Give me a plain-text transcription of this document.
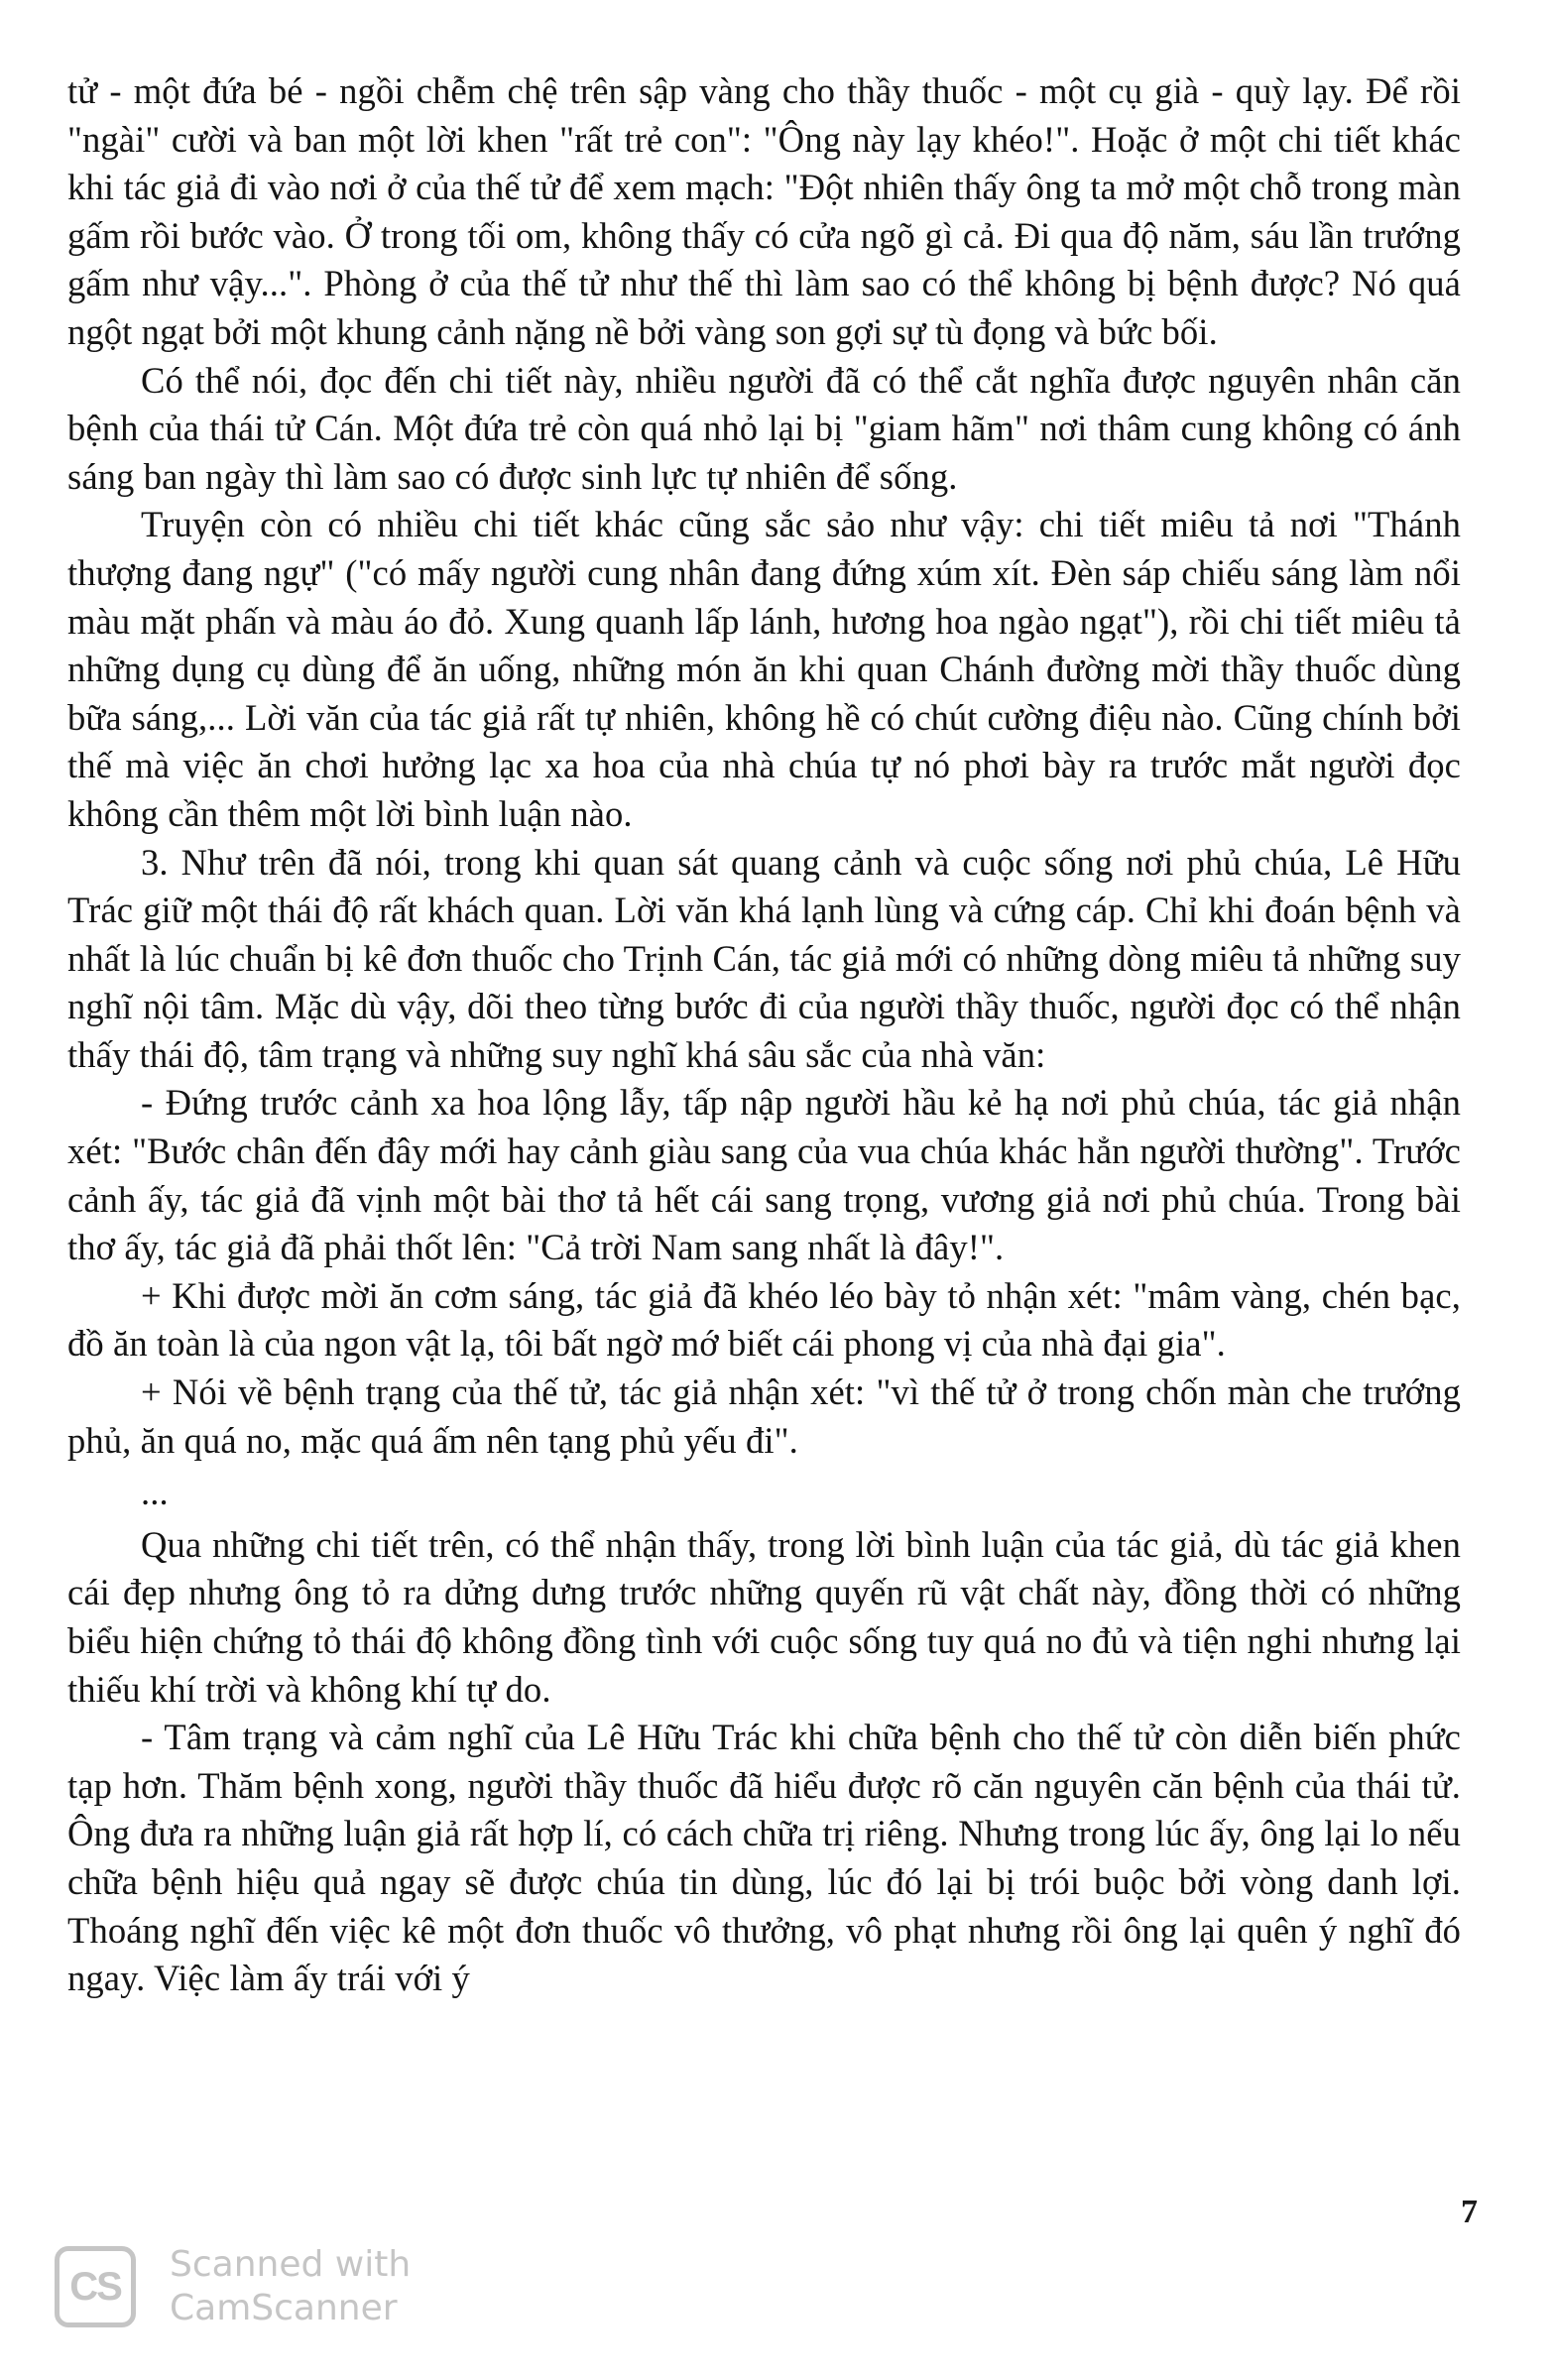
tử - một đứa bé - ngồi chễm chệ trên sập vàng cho thầy thuốc - một cụ già - quỳ lạy. Để rồi "ngài" cười và ban một lời khen "rất trẻ con": "Ông này lạy khéo!". Hoặc ở một chi tiết khác khi tác giả đi vào nơi ở của thế tử để xem mạch: "Đột nhiên thấy ông ta mở một chỗ trong màn gấm rồi bước vào. Ở trong tối om, không thấy có cửa ngõ gì cả. Đi qua độ năm, sáu lần trướng gấm như vậy...". Phòng ở của thế tử như thế thì làm sao có thể không bị bệnh được? Nó quá ngột ngạt bởi một khung cảnh nặng nề bởi vàng son gợi sự tù đọng và bức bối.

Có thể nói, đọc đến chi tiết này, nhiều người đã có thể cắt nghĩa được nguyên nhân căn bệnh của thái tử Cán. Một đứa trẻ còn quá nhỏ lại bị "giam hãm" nơi thâm cung không có ánh sáng ban ngày thì làm sao có được sinh lực tự nhiên để sống.

Truyện còn có nhiều chi tiết khác cũng sắc sảo như vậy: chi tiết miêu tả nơi "Thánh thượng đang ngự" ("có mấy người cung nhân đang đứng xúm xít. Đèn sáp chiếu sáng làm nổi màu mặt phấn và màu áo đỏ. Xung quanh lấp lánh, hương hoa ngào ngạt"), rồi chi tiết miêu tả những dụng cụ dùng để ăn uống, những món ăn khi quan Chánh đường mời thầy thuốc dùng bữa sáng,... Lời văn của tác giả rất tự nhiên, không hề có chút cường điệu nào. Cũng chính bởi thế mà việc ăn chơi hưởng lạc xa hoa của nhà chúa tự nó phơi bày ra trước mắt người đọc không cần thêm một lời bình luận nào.

3. Như trên đã nói, trong khi quan sát quang cảnh và cuộc sống nơi phủ chúa, Lê Hữu Trác giữ một thái độ rất khách quan. Lời văn khá lạnh lùng và cứng cáp. Chỉ khi đoán bệnh và nhất là lúc chuẩn bị kê đơn thuốc cho Trịnh Cán, tác giả mới có những dòng miêu tả những suy nghĩ nội tâm. Mặc dù vậy, dõi theo từng bước đi của người thầy thuốc, người đọc có thể nhận thấy thái độ, tâm trạng và những suy nghĩ khá sâu sắc của nhà văn:

- Đứng trước cảnh xa hoa lộng lẫy, tấp nập người hầu kẻ hạ nơi phủ chúa, tác giả nhận xét: "Bước chân đến đây mới hay cảnh giàu sang của vua chúa khác hẳn người thường". Trước cảnh ấy, tác giả đã vịnh một bài thơ tả hết cái sang trọng, vương giả nơi phủ chúa. Trong bài thơ ấy, tác giả đã phải thốt lên: "Cả trời Nam sang nhất là đây!".

+ Khi được mời ăn cơm sáng, tác giả đã khéo léo bày tỏ nhận xét: "mâm vàng, chén bạc, đồ ăn toàn là của ngon vật lạ, tôi bất ngờ mớ biết cái phong vị của nhà đại gia".

+ Nói về bệnh trạng của thế tử, tác giả nhận xét: "vì thế tử ở trong chốn màn che trướng phủ, ăn quá no, mặc quá ấm nên tạng phủ yếu đi".

...

Qua những chi tiết trên, có thể nhận thấy, trong lời bình luận của tác giả, dù tác giả khen cái đẹp nhưng ông tỏ ra dửng dưng trước những quyến rũ vật chất này, đồng thời có những biểu hiện chứng tỏ thái độ không đồng tình với cuộc sống tuy quá no đủ và tiện nghi nhưng lại thiếu khí trời và không khí tự do.

- Tâm trạng và cảm nghĩ của Lê Hữu Trác khi chữa bệnh cho thế tử còn diễn biến phức tạp hơn. Thăm bệnh xong, người thầy thuốc đã hiểu được rõ căn nguyên căn bệnh của thái tử. Ông đưa ra những luận giả rất hợp lí, có cách chữa trị riêng. Nhưng trong lúc ấy, ông lại lo nếu chữa bệnh hiệu quả ngay sẽ được chúa tin dùng, lúc đó lại bị trói buộc bởi vòng danh lợi. Thoáng nghĩ đến việc kê một đơn thuốc vô thưởng, vô phạt nhưng rồi ông lại quên ý nghĩ đó ngay. Việc làm ấy trái với ý

7
CS	Scanned with
CamScanner
